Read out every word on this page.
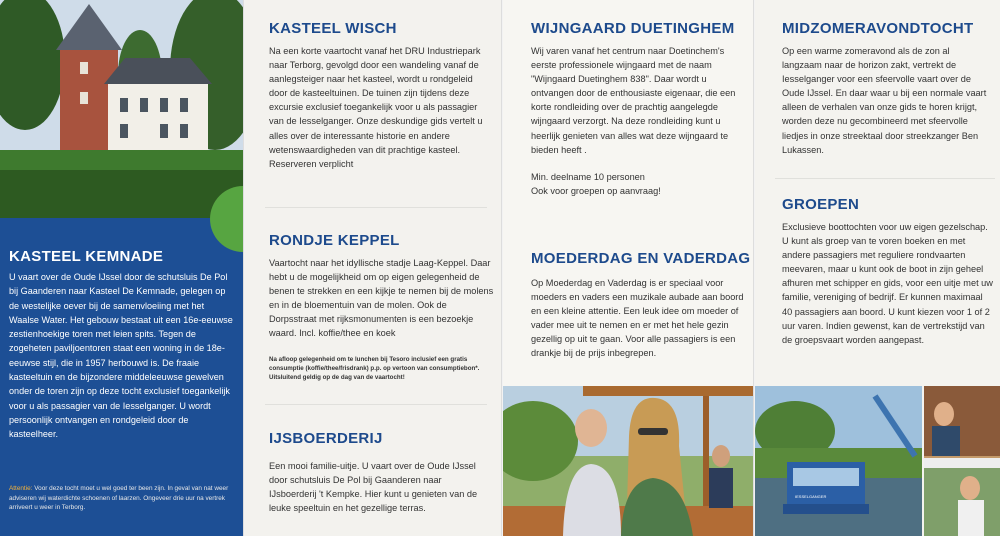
KASTEEL KEMNADE

U vaart over de Oude IJssel door de schutsluis De Pol bij Gaanderen naar Kasteel De Kemnade, gelegen op de westelijke oever bij de samenvloeiing met het Waalse Water. Het gebouw bestaat uit een 16e-eeuwse zestienhoekige toren met leien spits. Tegen de zogeheten paviljoentoren staat een woning in de 18e-eeuwse stijl, die in 1957 herbouwd is. De fraaie kasteeltuin en de bijzondere middeleeuwse gewelven onder de toren zijn op deze tocht exclusief toegankelijk voor u als passagier van de Iesselganger. U wordt persoonlijk ontvangen en rondgeleid door de kasteelheer.

Attentie: Voor deze tocht moet u wel goed ter been zijn. In geval van nat weer adviseren wij waterdichte schoenen of laarzen. Ongeveer drie uur na vertrek arriveert u weer in Terborg.

KASTEEL WISCH

Na een korte vaartocht vanaf het DRU Industriepark naar Terborg, gevolgd door een wandeling vanaf de aanlegsteiger naar het kasteel, wordt u rondgeleid door de kasteeltuinen. De tuinen zijn tijdens deze excursie exclusief toegankelijk voor u als passagier van de Iesselganger. Onze deskundige gids vertelt u alles over de interessante historie en andere wetenswaardigheden van dit prachtige kasteel. Reserveren verplicht

RONDJE KEPPEL

Vaartocht naar het idyllische stadje Laag-Keppel. Daar hebt u de mogelijkheid om op eigen gelegenheid de benen te strekken en een kijkje te nemen bij de molens en in de bloementuin van de molen. Ook de Dorpsstraat met rijksmonumenten is een bezoekje waard. Incl. koffie/thee en koek

Na afloop gelegenheid om te lunchen bij Tesoro inclusief een gratis consumptie (koffie/thee/frisdrank) p.p. op vertoon van consumptiebon*. Uitsluitend geldig op de dag van de vaartocht!

IJSBOERDERIJ

Een mooi familie-uitje. U vaart over de Oude IJssel door schutsluis De Pol bij Gaanderen naar IJsboerderij 't Kempke. Hier kunt u genieten van de leuke speeltuin en het gezellige terras.

WIJNGAARD DUETINGHEM

Wij varen vanaf het centrum naar Doetinchem's eerste professionele wijngaard met de naam "Wijngaard Duetinghem 838". Daar wordt u ontvangen door de enthousiaste eigenaar, die een korte rondleiding over de prachtig aangelegde wijngaard verzorgt. Na deze rondleiding kunt u heerlijk genieten van alles wat deze wijngaard te bieden heeft .

Min. deelname 10 personen

Ook voor groepen op aanvraag!

MOEDERDAG EN VADERDAG

Op Moederdag en Vaderdag is er speciaal voor moeders en vaders een muzikale aubade aan boord en een kleine attentie. Een leuk idee om moeder of vader mee uit te nemen en er met het hele gezin gezellig op uit te gaan. Voor alle passagiers is een drankje bij de prijs inbegrepen.

MIDZOMERAVONDTOCHT

Op een warme zomeravond als de zon al langzaam naar de horizon zakt, vertrekt de Iesselganger voor een sfeervolle vaart over de Oude IJssel. En daar waar u bij een normale vaart alleen de verhalen van onze gids te horen krijgt, worden deze nu gecombineerd met sfeervolle liedjes in onze streektaal door streekzanger Ben Lukassen.

GROEPEN

Exclusieve boottochten voor uw eigen gezelschap. U kunt als groep van te voren boeken en met andere passagiers met reguliere rondvaarten meevaren, maar u kunt ook de boot in zijn geheel afhuren met schipper en gids, voor een uitje met uw familie, vereniging of bedrijf. Er kunnen maximaal 40 passagiers aan boord. U kunt kiezen voor 1 of 2 uur varen. Indien gewenst, kan de vertrekstijd van de groepsvaart worden aangepast.

IESSELGANGER
